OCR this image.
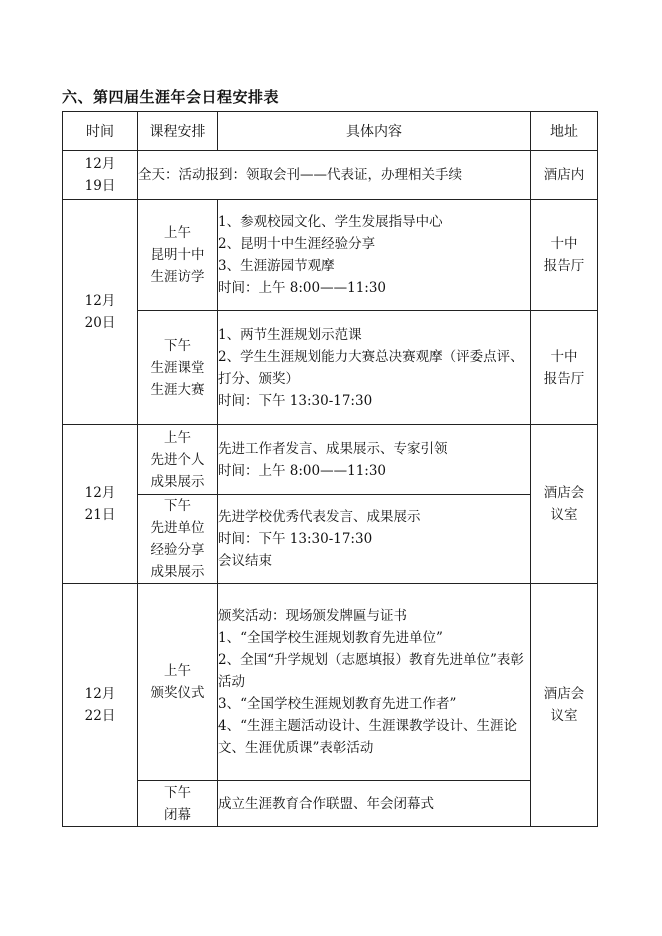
六、第四届生涯年会日程安排表
时间	课程安排	具体内容	地址

12月
19日	全天：活动报到：领取会刊——代表证，办理相关手续		酒店内

12月
20日	上午
昆明十中
生涯访学	1、参观校园文化、学生发展指导中心
2、昆明十中生涯经验分享
3、生涯游园节观摩
时间：上午 8:00——11:30	十中
报告厅

	下午
生涯课堂
生涯大赛	1、两节生涯规划示范课
2、学生生涯规划能力大赛总决赛观摩（评委点评、打分、颁奖）
时间：下午 13:30-17:30	十中
报告厅

12月
21日	上午
先进个人
成果展示	先进工作者发言、成果展示、专家引领
时间：上午 8:00——11:30	酒店会
议室

	下午
先进单位
经验分享
成果展示	先进学校优秀代表发言、成果展示
时间：下午 13:30-17:30
会议结束	

12月
22日	上午
颁奖仪式	颁奖活动：现场颁发牌匾与证书
1、“全国学校生涯规划教育先进单位”
2、全国“升学规划（志愿填报）教育先进单位”表彰活动
3、“全国学校生涯规划教育先进工作者”
4、“生涯主题活动设计、生涯课教学设计、生涯论文、生涯优质课”表彰活动	酒店会
议室

	下午
闭幕	成立生涯教育合作联盟、年会闭幕式	
